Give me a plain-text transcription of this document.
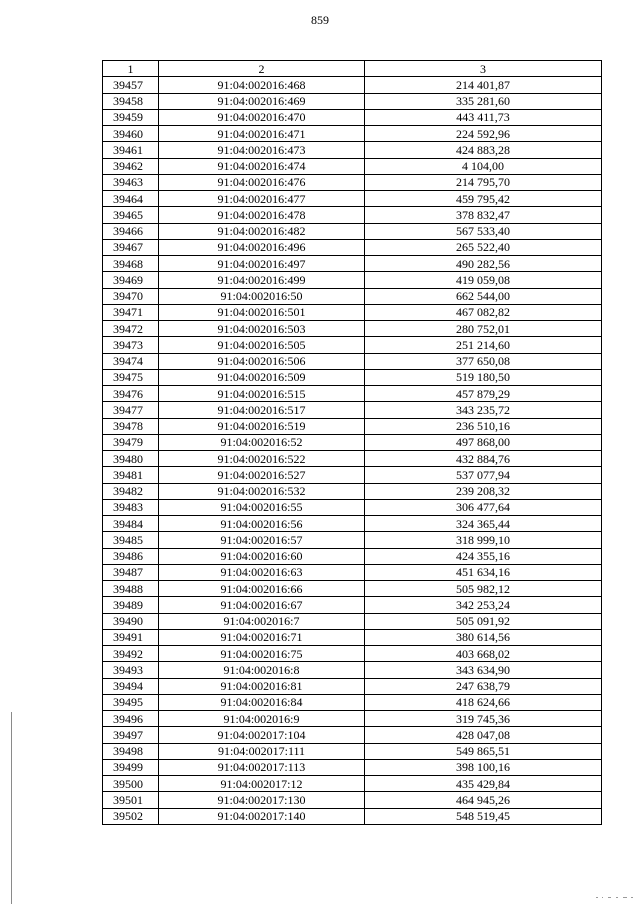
859
1	2	3
39457	91:04:002016:468	214 401,87
39458	91:04:002016:469	335 281,60
39459	91:04:002016:470	443 411,73
39460	91:04:002016:471	224 592,96
39461	91:04:002016:473	424 883,28
39462	91:04:002016:474	4 104,00
39463	91:04:002016:476	214 795,70
39464	91:04:002016:477	459 795,42
39465	91:04:002016:478	378 832,47
39466	91:04:002016:482	567 533,40
39467	91:04:002016:496	265 522,40
39468	91:04:002016:497	490 282,56
39469	91:04:002016:499	419 059,08
39470	91:04:002016:50	662 544,00
39471	91:04:002016:501	467 082,82
39472	91:04:002016:503	280 752,01
39473	91:04:002016:505	251 214,60
39474	91:04:002016:506	377 650,08
39475	91:04:002016:509	519 180,50
39476	91:04:002016:515	457 879,29
39477	91:04:002016:517	343 235,72
39478	91:04:002016:519	236 510,16
39479	91:04:002016:52	497 868,00
39480	91:04:002016:522	432 884,76
39481	91:04:002016:527	537 077,94
39482	91:04:002016:532	239 208,32
39483	91:04:002016:55	306 477,64
39484	91:04:002016:56	324 365,44
39485	91:04:002016:57	318 999,10
39486	91:04:002016:60	424 355,16
39487	91:04:002016:63	451 634,16
39488	91:04:002016:66	505 982,12
39489	91:04:002016:67	342 253,24
39490	91:04:002016:7	505 091,92
39491	91:04:002016:71	380 614,56
39492	91:04:002016:75	403 668,02
39493	91:04:002016:8	343 634,90
39494	91:04:002016:81	247 638,79
39495	91:04:002016:84	418 624,66
39496	91:04:002016:9	319 745,36
39497	91:04:002017:104	428 047,08
39498	91:04:002017:111	549 865,51
39499	91:04:002017:113	398 100,16
39500	91:04:002017:12	435 429,84
39501	91:04:002017:130	464 945,26
39502	91:04:002017:140	548 519,45
